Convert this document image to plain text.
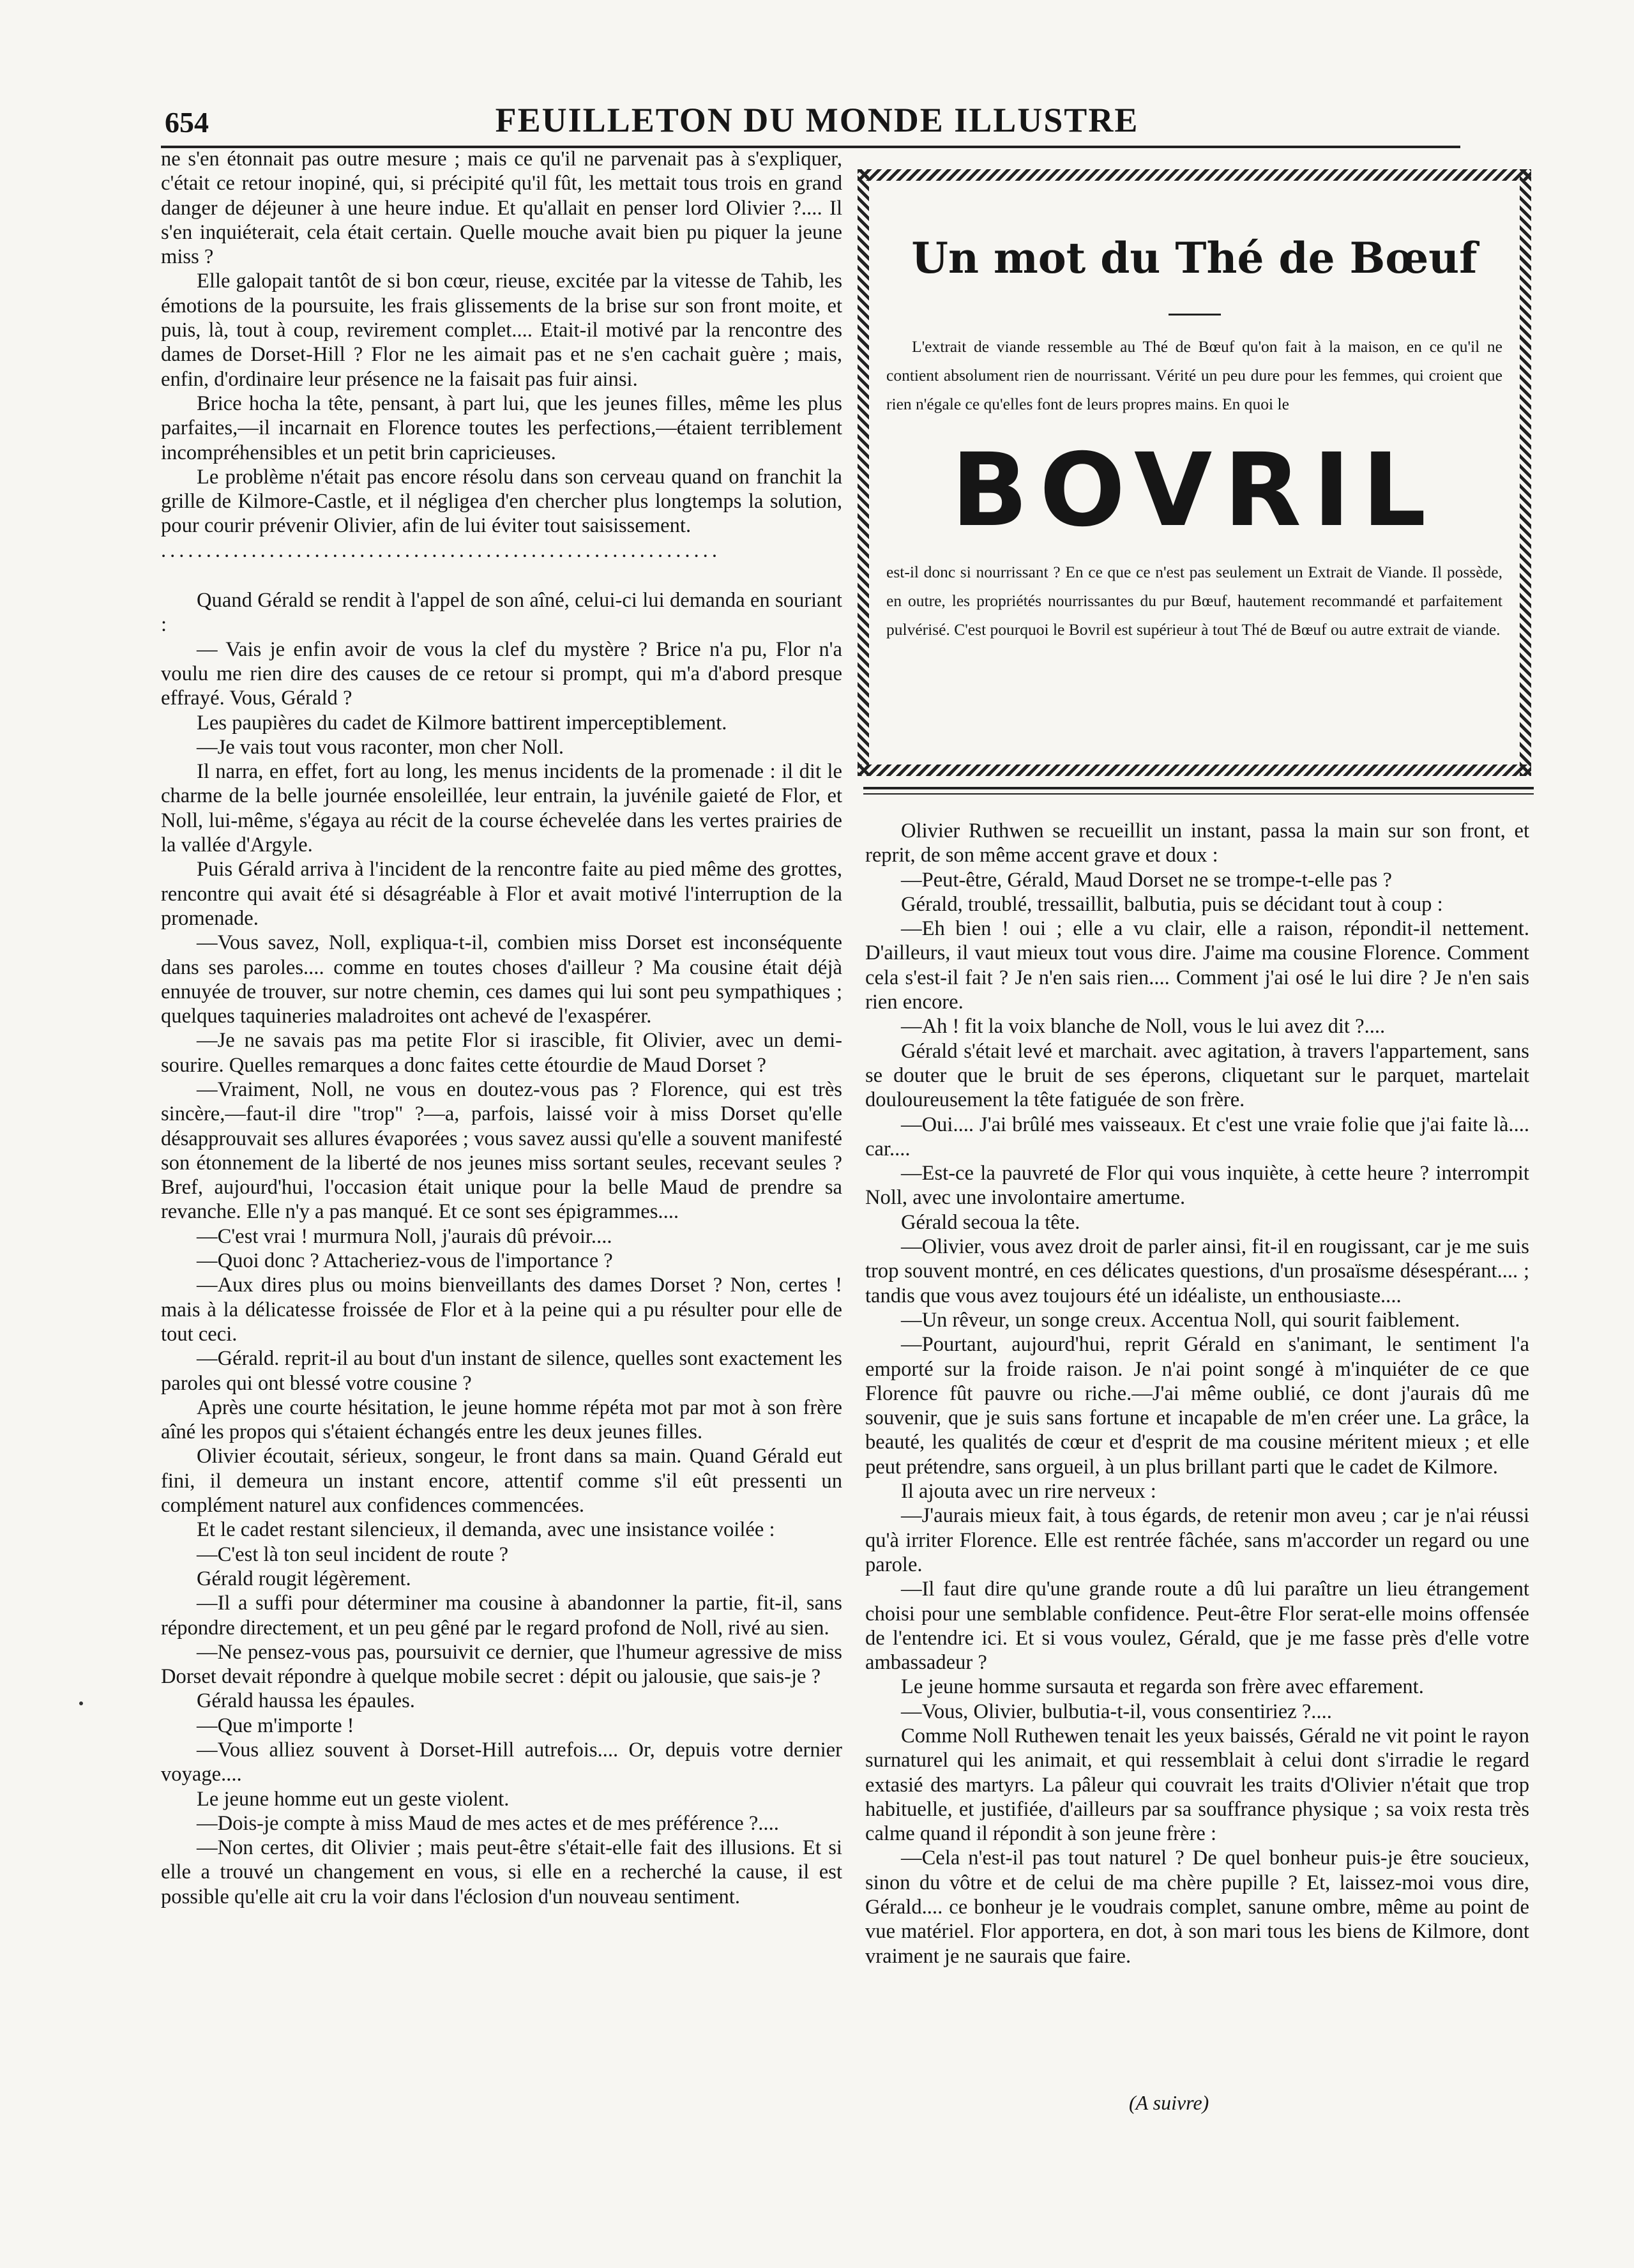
654	FEUILLETON DU MONDE ILLUSTRE

ne s'en étonnait pas outre mesure ; mais ce qu'il ne parvenait pas à s'expliquer, c'était ce retour inopiné, qui, si précipité qu'il fût, les mettait tous trois en grand danger de déjeuner à une heure indue. Et qu'allait en penser lord Olivier ?.... Il s'en inquiéterait, cela était certain. Quelle mouche avait bien pu piquer la jeune miss ?

Elle galopait tantôt de si bon cœur, rieuse, excitée par la vitesse de Tahib, les émotions de la poursuite, les frais glissements de la brise sur son front moite, et puis, là, tout à coup, revirement complet.... Etait-il motivé par la rencontre des dames de Dorset-Hill ? Flor ne les aimait pas et ne s'en cachait guère ; mais, enfin, d'ordinaire leur présence ne la faisait pas fuir ainsi.

Brice hocha la tête, pensant, à part lui, que les jeunes filles, même les plus parfaites,—il incarnait en Florence toutes les perfections,—étaient terriblement incompréhensibles et un petit brin capricieuses.

Le problème n'était pas encore résolu dans son cerveau quand on franchit la grille de Kilmore-Castle, et il négligea d'en chercher plus longtemps la solution, pour courir prévenir Olivier, afin de lui éviter tout saisissement.

..............................................................

Quand Gérald se rendit à l'appel de son aîné, celui-ci lui demanda en souriant :

— Vais je enfin avoir de vous la clef du mystère ? Brice n'a pu, Flor n'a voulu me rien dire des causes de ce retour si prompt, qui m'a d'abord presque effrayé. Vous, Gérald ?

Les paupières du cadet de Kilmore battirent imperceptiblement.

—Je vais tout vous raconter, mon cher Noll.

Il narra, en effet, fort au long, les menus incidents de la promenade : il dit le charme de la belle journée ensoleillée, leur entrain, la juvénile gaieté de Flor, et Noll, lui-même, s'égaya au récit de la course échevelée dans les vertes prairies de la vallée d'Argyle.

Puis Gérald arriva à l'incident de la rencontre faite au pied même des grottes, rencontre qui avait été si désagréable à Flor et avait motivé l'interruption de la promenade.

—Vous savez, Noll, expliqua-t-il, combien miss Dorset est inconséquente dans ses paroles.... comme en toutes choses d'ailleur ? Ma cousine était déjà ennuyée de trouver, sur notre chemin, ces dames qui lui sont peu sympathiques ; quelques taquineries maladroites ont achevé de l'exaspérer.

—Je ne savais pas ma petite Flor si irascible, fit Olivier, avec un demi-sourire. Quelles remarques a donc faites cette étourdie de Maud Dorset ?

—Vraiment, Noll, ne vous en doutez-vous pas ? Florence, qui est très sincère,—faut-il dire "trop" ?—a, parfois, laissé voir à miss Dorset qu'elle désapprouvait ses allures évaporées ; vous savez aussi qu'elle a souvent manifesté son étonnement de la liberté de nos jeunes miss sortant seules, recevant seules ? Bref, aujourd'hui, l'occasion était unique pour la belle Maud de prendre sa revanche. Elle n'y a pas manqué. Et ce sont ses épigrammes....

—C'est vrai ! murmura Noll, j'aurais dû prévoir....

—Quoi donc ? Attacheriez-vous de l'importance ?

—Aux dires plus ou moins bienveillants des dames Dorset ? Non, certes ! mais à la délicatesse froissée de Flor et à la peine qui a pu résulter pour elle de tout ceci.

—Gérald. reprit-il au bout d'un instant de silence, quelles sont exactement les paroles qui ont blessé votre cousine ?

Après une courte hésitation, le jeune homme répéta mot par mot à son frère aîné les propos qui s'étaient échangés entre les deux jeunes filles.

Olivier écoutait, sérieux, songeur, le front dans sa main. Quand Gérald eut fini, il demeura un instant encore, attentif comme s'il eût pressenti un complément naturel aux confidences commencées.

Et le cadet restant silencieux, il demanda, avec une insistance voilée :

—C'est là ton seul incident de route ?

Gérald rougit légèrement.

—Il a suffi pour déterminer ma cousine à abandonner la partie, fit-il, sans répondre directement, et un peu gêné par le regard profond de Noll, rivé au sien.

—Ne pensez-vous pas, poursuivit ce dernier, que l'humeur agressive de miss Dorset devait répondre à quelque mobile secret : dépit ou jalousie, que sais-je ?

Gérald haussa les épaules.

—Que m'importe !

—Vous alliez souvent à Dorset-Hill autrefois.... Or, depuis votre dernier voyage....

Le jeune homme eut un geste violent.

—Dois-je compte à miss Maud de mes actes et de mes préférence ?....

—Non certes, dit Olivier ; mais peut-être s'était-elle fait des illusions. Et si elle a trouvé un changement en vous, si elle en a recherché la cause, il est possible qu'elle ait cru la voir dans l'éclosion d'un nouveau sentiment.

Un mot du Thé de Bœuf
L'extrait de viande ressemble au Thé de Bœuf qu'on fait à la maison, en ce qu'il ne contient absolument rien de nourrissant. Vérité un peu dure pour les femmes, qui croient que rien n'égale ce qu'elles font de leurs propres mains. En quoi le
BOVRIL
est-il donc si nourrissant ? En ce que ce n'est pas seulement un Extrait de Viande. Il possède, en outre, les propriétés nourrissantes du pur Bœuf, hautement recommandé et parfaitement pulvérisé. C'est pourquoi le Bovril est supérieur à tout Thé de Bœuf ou autre extrait de viande.

Olivier Ruthwen se recueillit un instant, passa la main sur son front, et reprit, de son même accent grave et doux :

—Peut-être, Gérald, Maud Dorset ne se trompe-t-elle pas ?

Gérald, troublé, tressaillit, balbutia, puis se décidant tout à coup :

—Eh bien ! oui ; elle a vu clair, elle a raison, répondit-il nettement. D'ailleurs, il vaut mieux tout vous dire. J'aime ma cousine Florence. Comment cela s'est-il fait ? Je n'en sais rien.... Comment j'ai osé le lui dire ? Je n'en sais rien encore.

—Ah ! fit la voix blanche de Noll, vous le lui avez dit ?....

Gérald s'était levé et marchait. avec agitation, à travers l'appartement, sans se douter que le bruit de ses éperons, cliquetant sur le parquet, martelait douloureusement la tête fatiguée de son frère.

—Oui.... J'ai brûlé mes vaisseaux. Et c'est une vraie folie que j'ai faite là.... car....

—Est-ce la pauvreté de Flor qui vous inquiète, à cette heure ? interrompit Noll, avec une involontaire amertume.

Gérald secoua la tête.

—Olivier, vous avez droit de parler ainsi, fit-il en rougissant, car je me suis trop souvent montré, en ces délicates questions, d'un prosaïsme désespérant.... ; tandis que vous avez toujours été un idéaliste, un enthousiaste....

—Un rêveur, un songe creux. Accentua Noll, qui sourit faiblement.

—Pourtant, aujourd'hui, reprit Gérald en s'animant, le sentiment l'a emporté sur la froide raison. Je n'ai point songé à m'inquiéter de ce que Florence fût pauvre ou riche.—J'ai même oublié, ce dont j'aurais dû me souvenir, que je suis sans fortune et incapable de m'en créer une. La grâce, la beauté, les qualités de cœur et d'esprit de ma cousine méritent mieux ; et elle peut prétendre, sans orgueil, à un plus brillant parti que le cadet de Kilmore.

Il ajouta avec un rire nerveux :

—J'aurais mieux fait, à tous égards, de retenir mon aveu ; car je n'ai réussi qu'à irriter Florence. Elle est rentrée fâchée, sans m'accorder un regard ou une parole.

—Il faut dire qu'une grande route a dû lui paraître un lieu étrangement choisi pour une semblable confidence. Peut-être Flor serat-elle moins offensée de l'entendre ici. Et si vous voulez, Gérald, que je me fasse près d'elle votre ambassadeur ?

Le jeune homme sursauta et regarda son frère avec effarement.

—Vous, Olivier, bulbutia-t-il, vous consentiriez ?....

Comme Noll Ruthewen tenait les yeux baissés, Gérald ne vit point le rayon surnaturel qui les animait, et qui ressemblait à celui dont s'irradie le regard extasié des martyrs. La pâleur qui couvrait les traits d'Olivier n'était que trop habituelle, et justifiée, d'ailleurs par sa souffrance physique ; sa voix resta très calme quand il répondit à son jeune frère :

—Cela n'est-il pas tout naturel ? De quel bonheur puis-je être soucieux, sinon du vôtre et de celui de ma chère pupille ? Et, laissez-moi vous dire, Gérald.... ce bonheur je le voudrais complet, sanune ombre, même au point de vue matériel. Flor apportera, en dot, à son mari tous les biens de Kilmore, dont vraiment je ne saurais que faire.

(A suivre)
